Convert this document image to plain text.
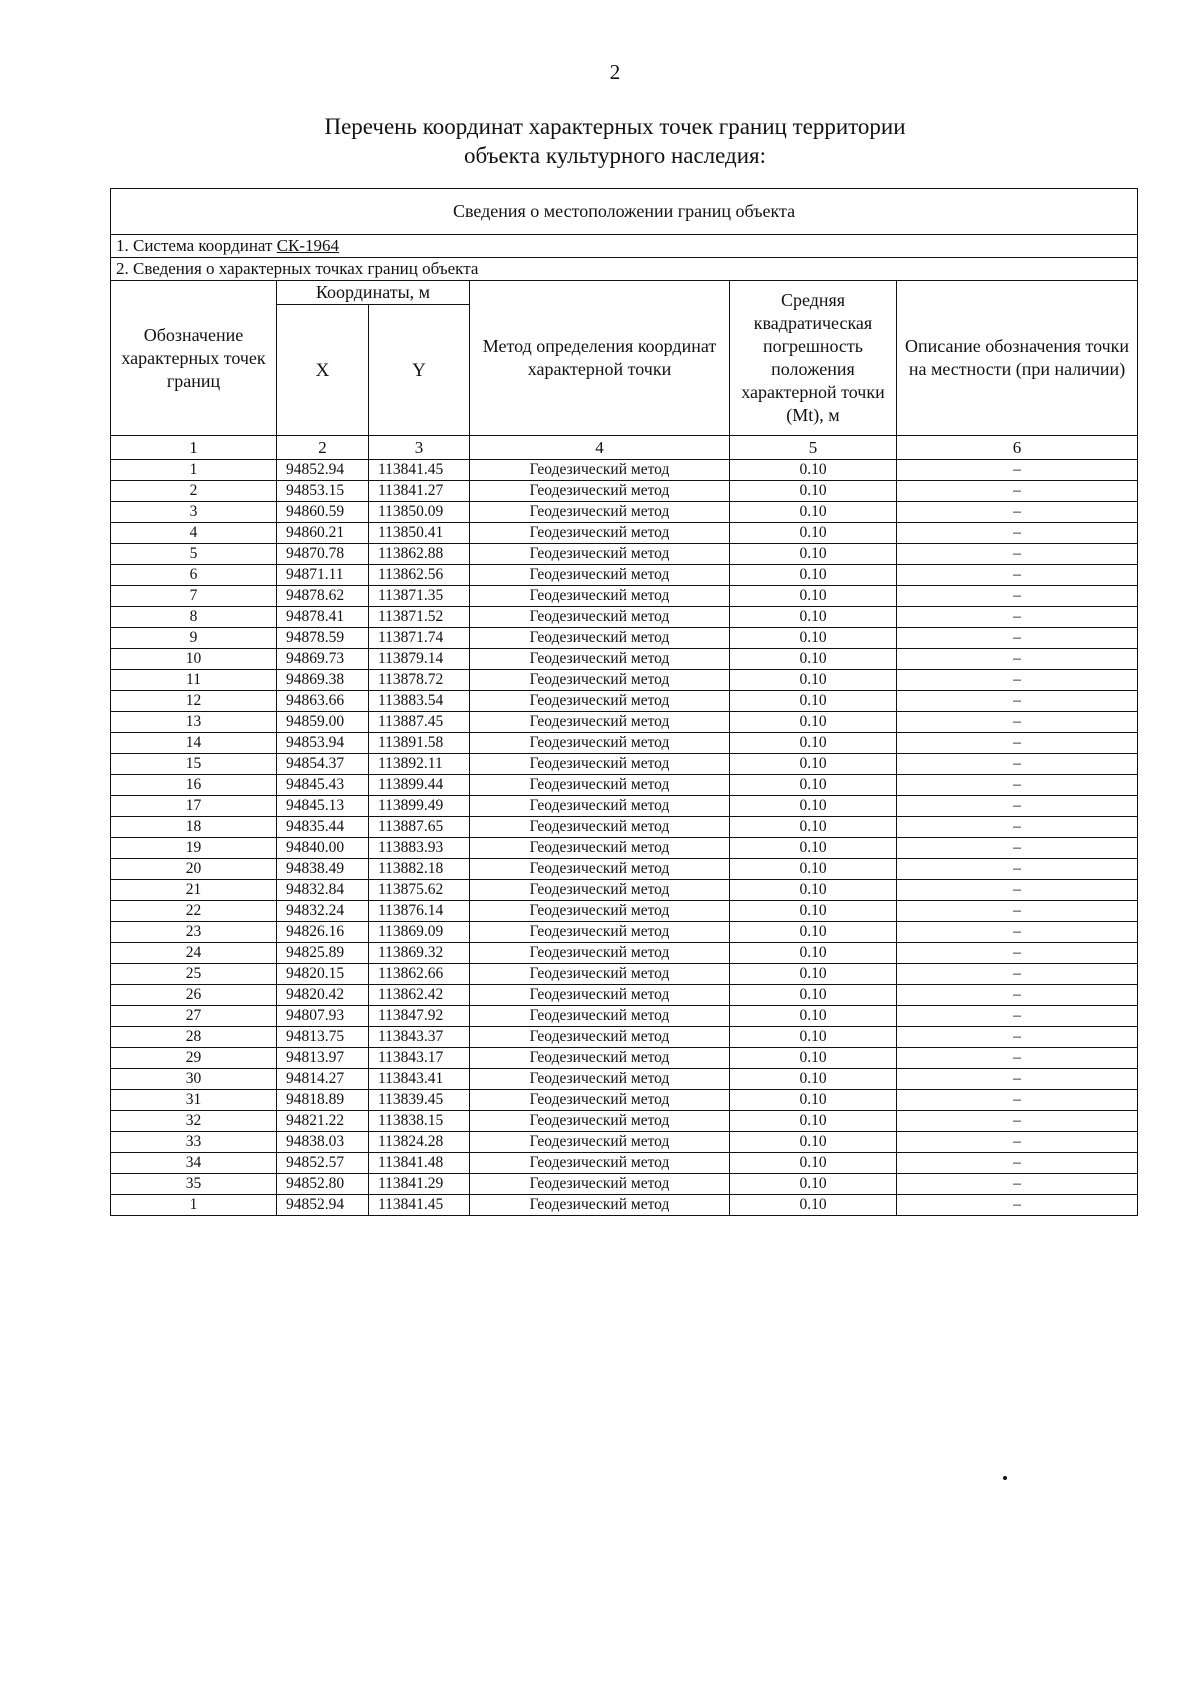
2
Перечень координат характерных точек границ территории
объекта культурного наследия:
Сведения о местоположении границ объекта					
1. Система координат СК-1964					
2. Сведения о характерных точках границ объекта					
Обозначение характерных точек границ	Координаты, м		Метод определения координат характерной точки	Средняя квадратическая погрешность положения характерной точки (Мt), м	Описание обозначения точки на местности (при наличии)
	X	Y			
1	2	3	4	5	6
1	94852.94	113841.45	Геодезический метод	0.10	–
2	94853.15	113841.27	Геодезический метод	0.10	–
3	94860.59	113850.09	Геодезический метод	0.10	–
4	94860.21	113850.41	Геодезический метод	0.10	–
5	94870.78	113862.88	Геодезический метод	0.10	–
6	94871.11	113862.56	Геодезический метод	0.10	–
7	94878.62	113871.35	Геодезический метод	0.10	–
8	94878.41	113871.52	Геодезический метод	0.10	–
9	94878.59	113871.74	Геодезический метод	0.10	–
10	94869.73	113879.14	Геодезический метод	0.10	–
11	94869.38	113878.72	Геодезический метод	0.10	–
12	94863.66	113883.54	Геодезический метод	0.10	–
13	94859.00	113887.45	Геодезический метод	0.10	–
14	94853.94	113891.58	Геодезический метод	0.10	–
15	94854.37	113892.11	Геодезический метод	0.10	–
16	94845.43	113899.44	Геодезический метод	0.10	–
17	94845.13	113899.49	Геодезический метод	0.10	–
18	94835.44	113887.65	Геодезический метод	0.10	–
19	94840.00	113883.93	Геодезический метод	0.10	–
20	94838.49	113882.18	Геодезический метод	0.10	–
21	94832.84	113875.62	Геодезический метод	0.10	–
22	94832.24	113876.14	Геодезический метод	0.10	–
23	94826.16	113869.09	Геодезический метод	0.10	–
24	94825.89	113869.32	Геодезический метод	0.10	–
25	94820.15	113862.66	Геодезический метод	0.10	–
26	94820.42	113862.42	Геодезический метод	0.10	–
27	94807.93	113847.92	Геодезический метод	0.10	–
28	94813.75	113843.37	Геодезический метод	0.10	–
29	94813.97	113843.17	Геодезический метод	0.10	–
30	94814.27	113843.41	Геодезический метод	0.10	–
31	94818.89	113839.45	Геодезический метод	0.10	–
32	94821.22	113838.15	Геодезический метод	0.10	–
33	94838.03	113824.28	Геодезический метод	0.10	–
34	94852.57	113841.48	Геодезический метод	0.10	–
35	94852.80	113841.29	Геодезический метод	0.10	–
1	94852.94	113841.45	Геодезический метод	0.10	–
